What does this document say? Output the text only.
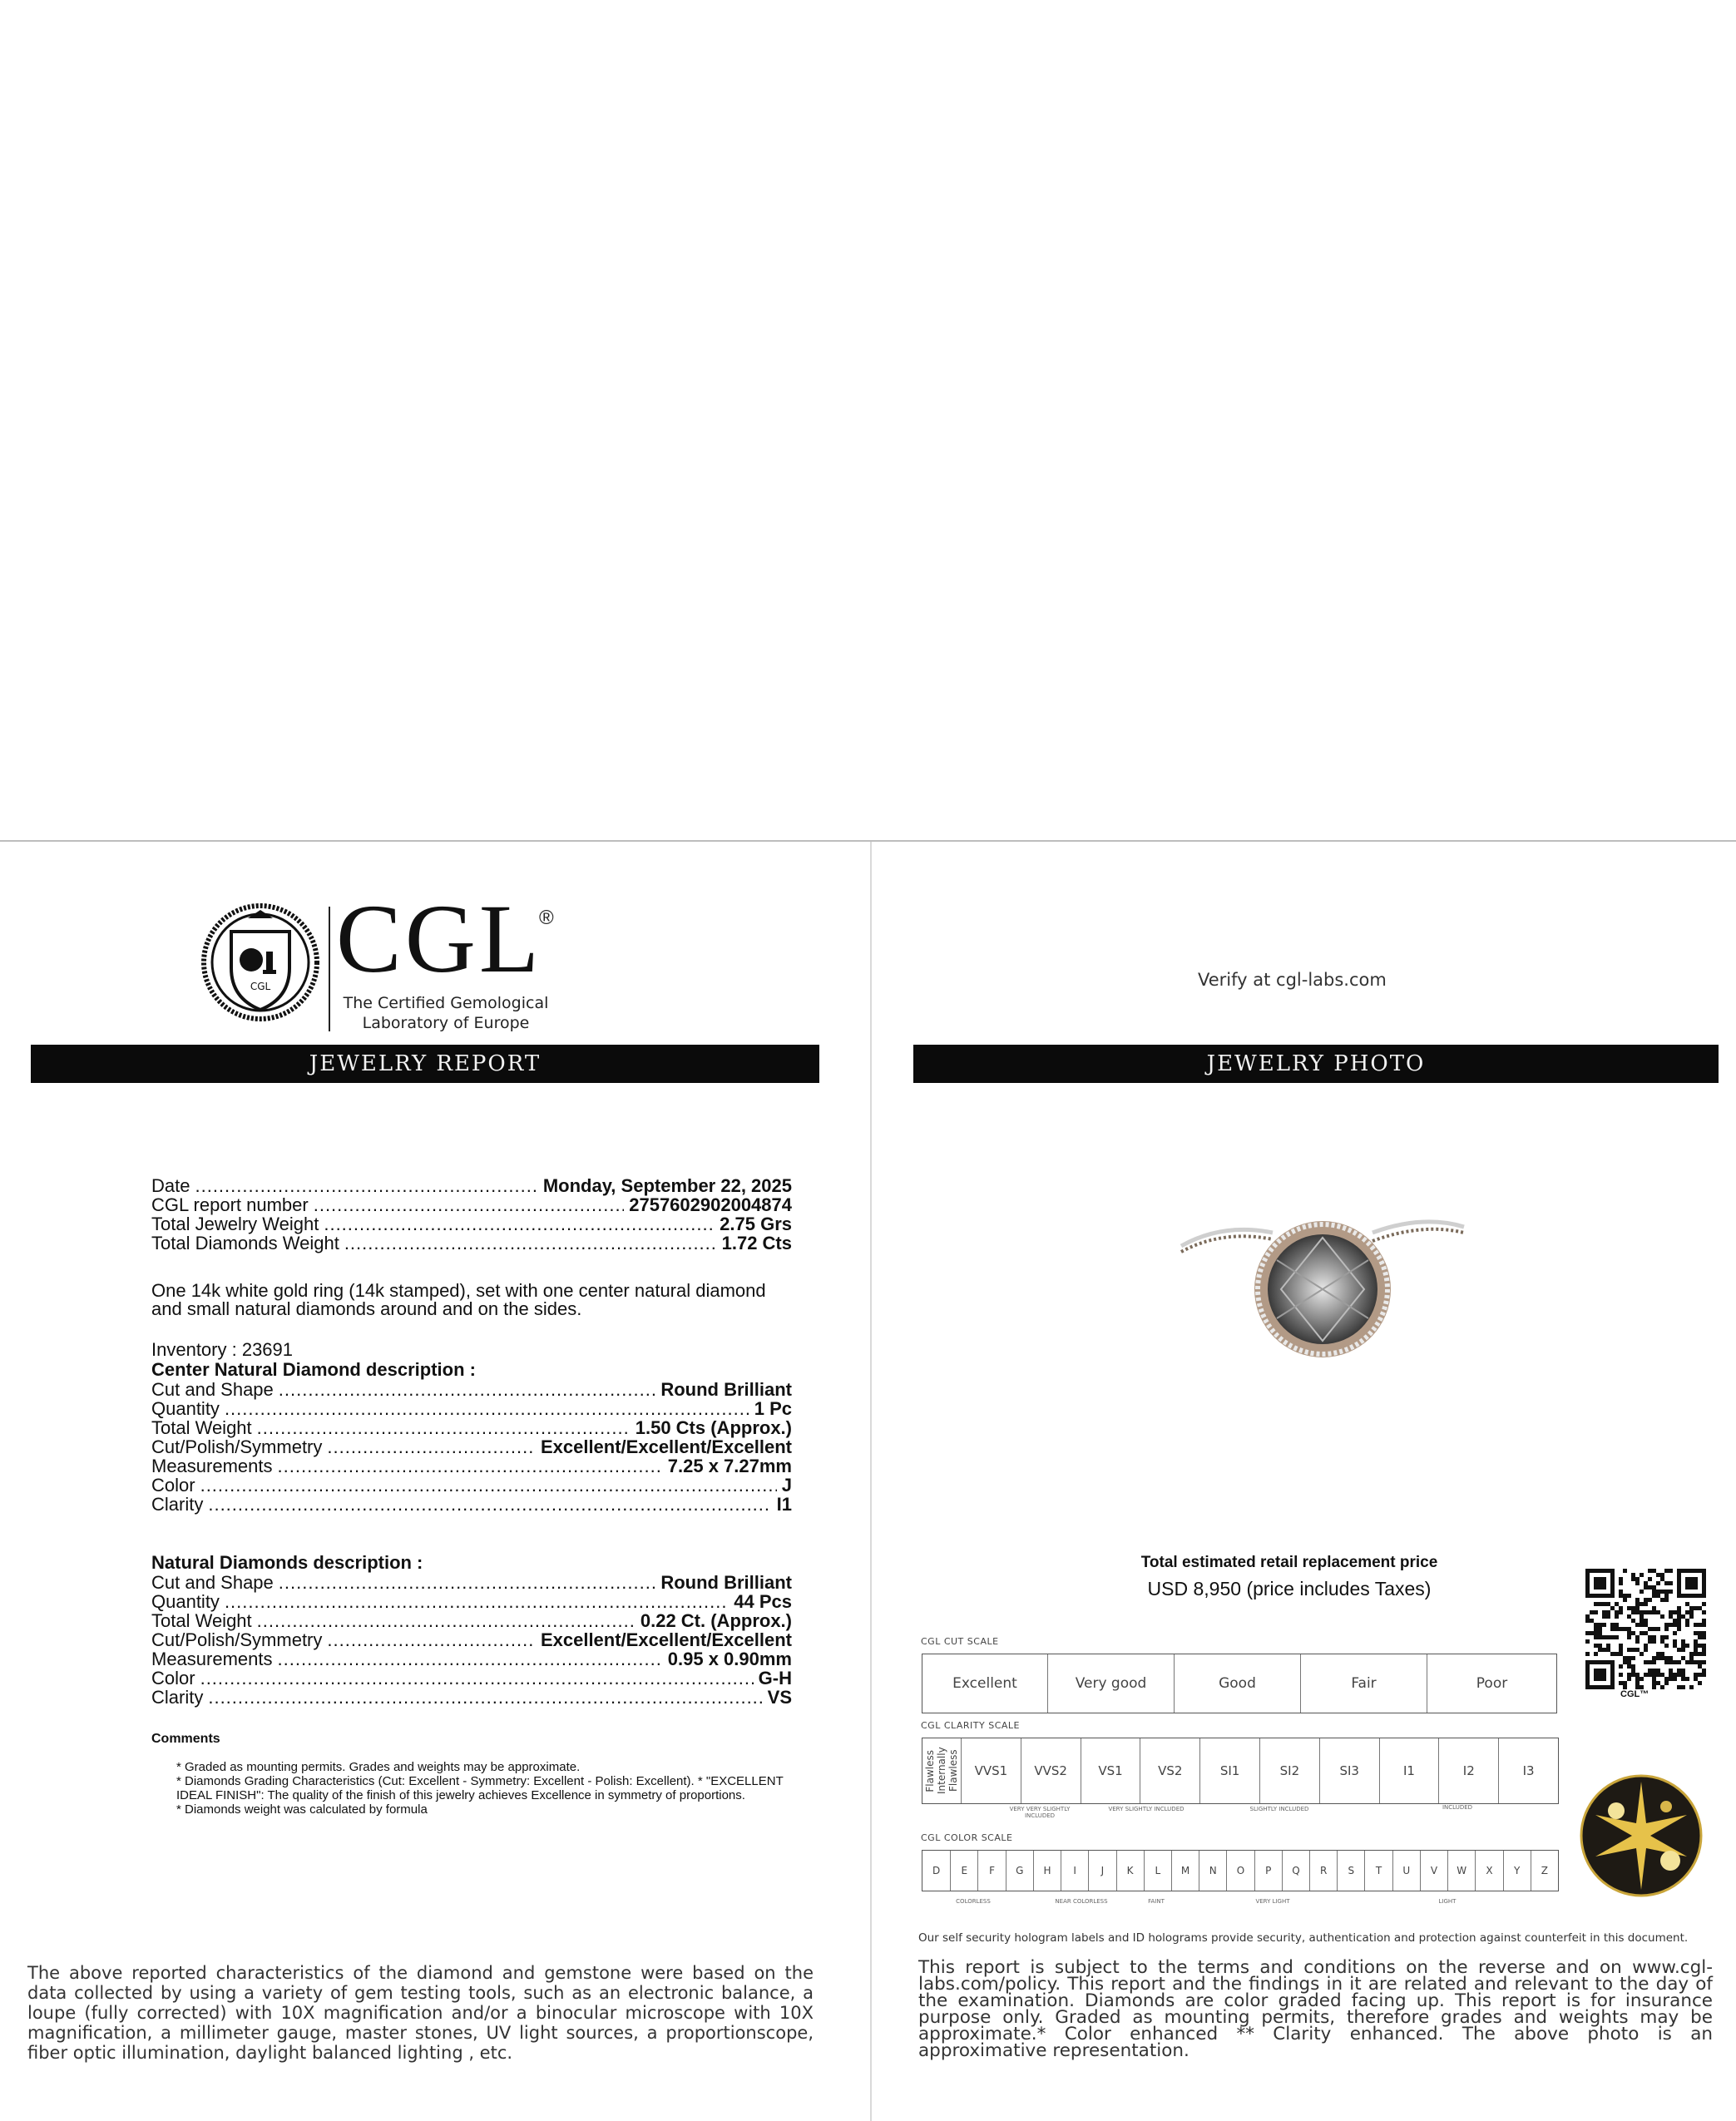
CGL CGL
®
The Certified Gemological
Laboratory of Europe
JEWELRY REPORT
Date .....	Monday, September 22, 2025
CGL report number .....	2757602902004874
Total Jewelry Weight .....	2.75 Grs
Total Diamonds Weight .....	1.72 Cts
One 14k white gold ring (14k stamped), set with one center natural diamond and small natural diamonds around and on the sides.
Inventory : 23691
Center Natural Diamond description :
Cut and Shape .....	Round Brilliant
Quantity .....	1 Pc
Total Weight .....	1.50 Cts (Approx.)
Cut/Polish/Symmetry .....	Excellent/Excellent/Excellent
Measurements .....	7.25 x 7.27mm
Color .....	J
Clarity .....	I1
Natural Diamonds description :
Cut and Shape .....	Round Brilliant
Quantity .....	44 Pcs
Total Weight .....	0.22 Ct. (Approx.)
Cut/Polish/Symmetry .....	Excellent/Excellent/Excellent
Measurements .....	0.95 x 0.90mm
Color .....	G-H
Clarity .....	VS
Comments
* Graded as mounting permits. Grades and weights may be approximate.
* Diamonds Grading Characteristics (Cut: Excellent - Symmetry: Excellent - Polish: Excellent). * "EXCELLENT IDEAL FINISH": The quality of the finish of this jewelry achieves Excellence in symmetry of proportions.
* Diamonds weight was calculated by formula
The above reported characteristics of the diamond and gemstone were based on the data collected by using a variety of gem testing tools, such as an electronic balance, a loupe (fully corrected) with 10X magnification and/or a binocular microscope with 10X magnification, a millimeter gauge, master stones, UV light sources, a proportionscope, fiber optic illumination, daylight balanced lighting , etc.
Verify at cgl-labs.com
JEWELRY PHOTO
Total estimated retail replacement price
USD 8,950 (price includes Taxes)
CGL™
CGL CUT SCALE
Excellent	Very good	Good	Fair	Poor
CGL CLARITY SCALE
Flawless Internally Flawless	VVS1	VVS2	VS1	VS2	SI1	SI2	SI3	I1	I2	I3
VERY VERY SLIGHTLY INCLUDED
VERY SLIGHTLY INCLUDED	SLIGHTLY INCLUDED	INCLUDED
CGL COLOR SCALE
D	E	F	G	H	I	J	K	L	M	N	O	P	Q	R	S	T	U	V	W	X	Y	Z
COLORLESS	NEAR COLORLESS	FAINT	VERY LIGHT	LIGHT
Our self security hologram labels and ID holograms provide security, authentication and protection against counterfeit in this document.
This report is subject to the terms and conditions on the reverse and on www.cgl-labs.com/policy. This report and the findings in it are related and relevant to the day of the examination. Diamonds are color graded facing up. This report is for insurance purpose only. Graded as mounting permits, therefore grades and weights may be approximate.* Color enhanced ** Clarity enhanced. The above photo is an approximative representation.
